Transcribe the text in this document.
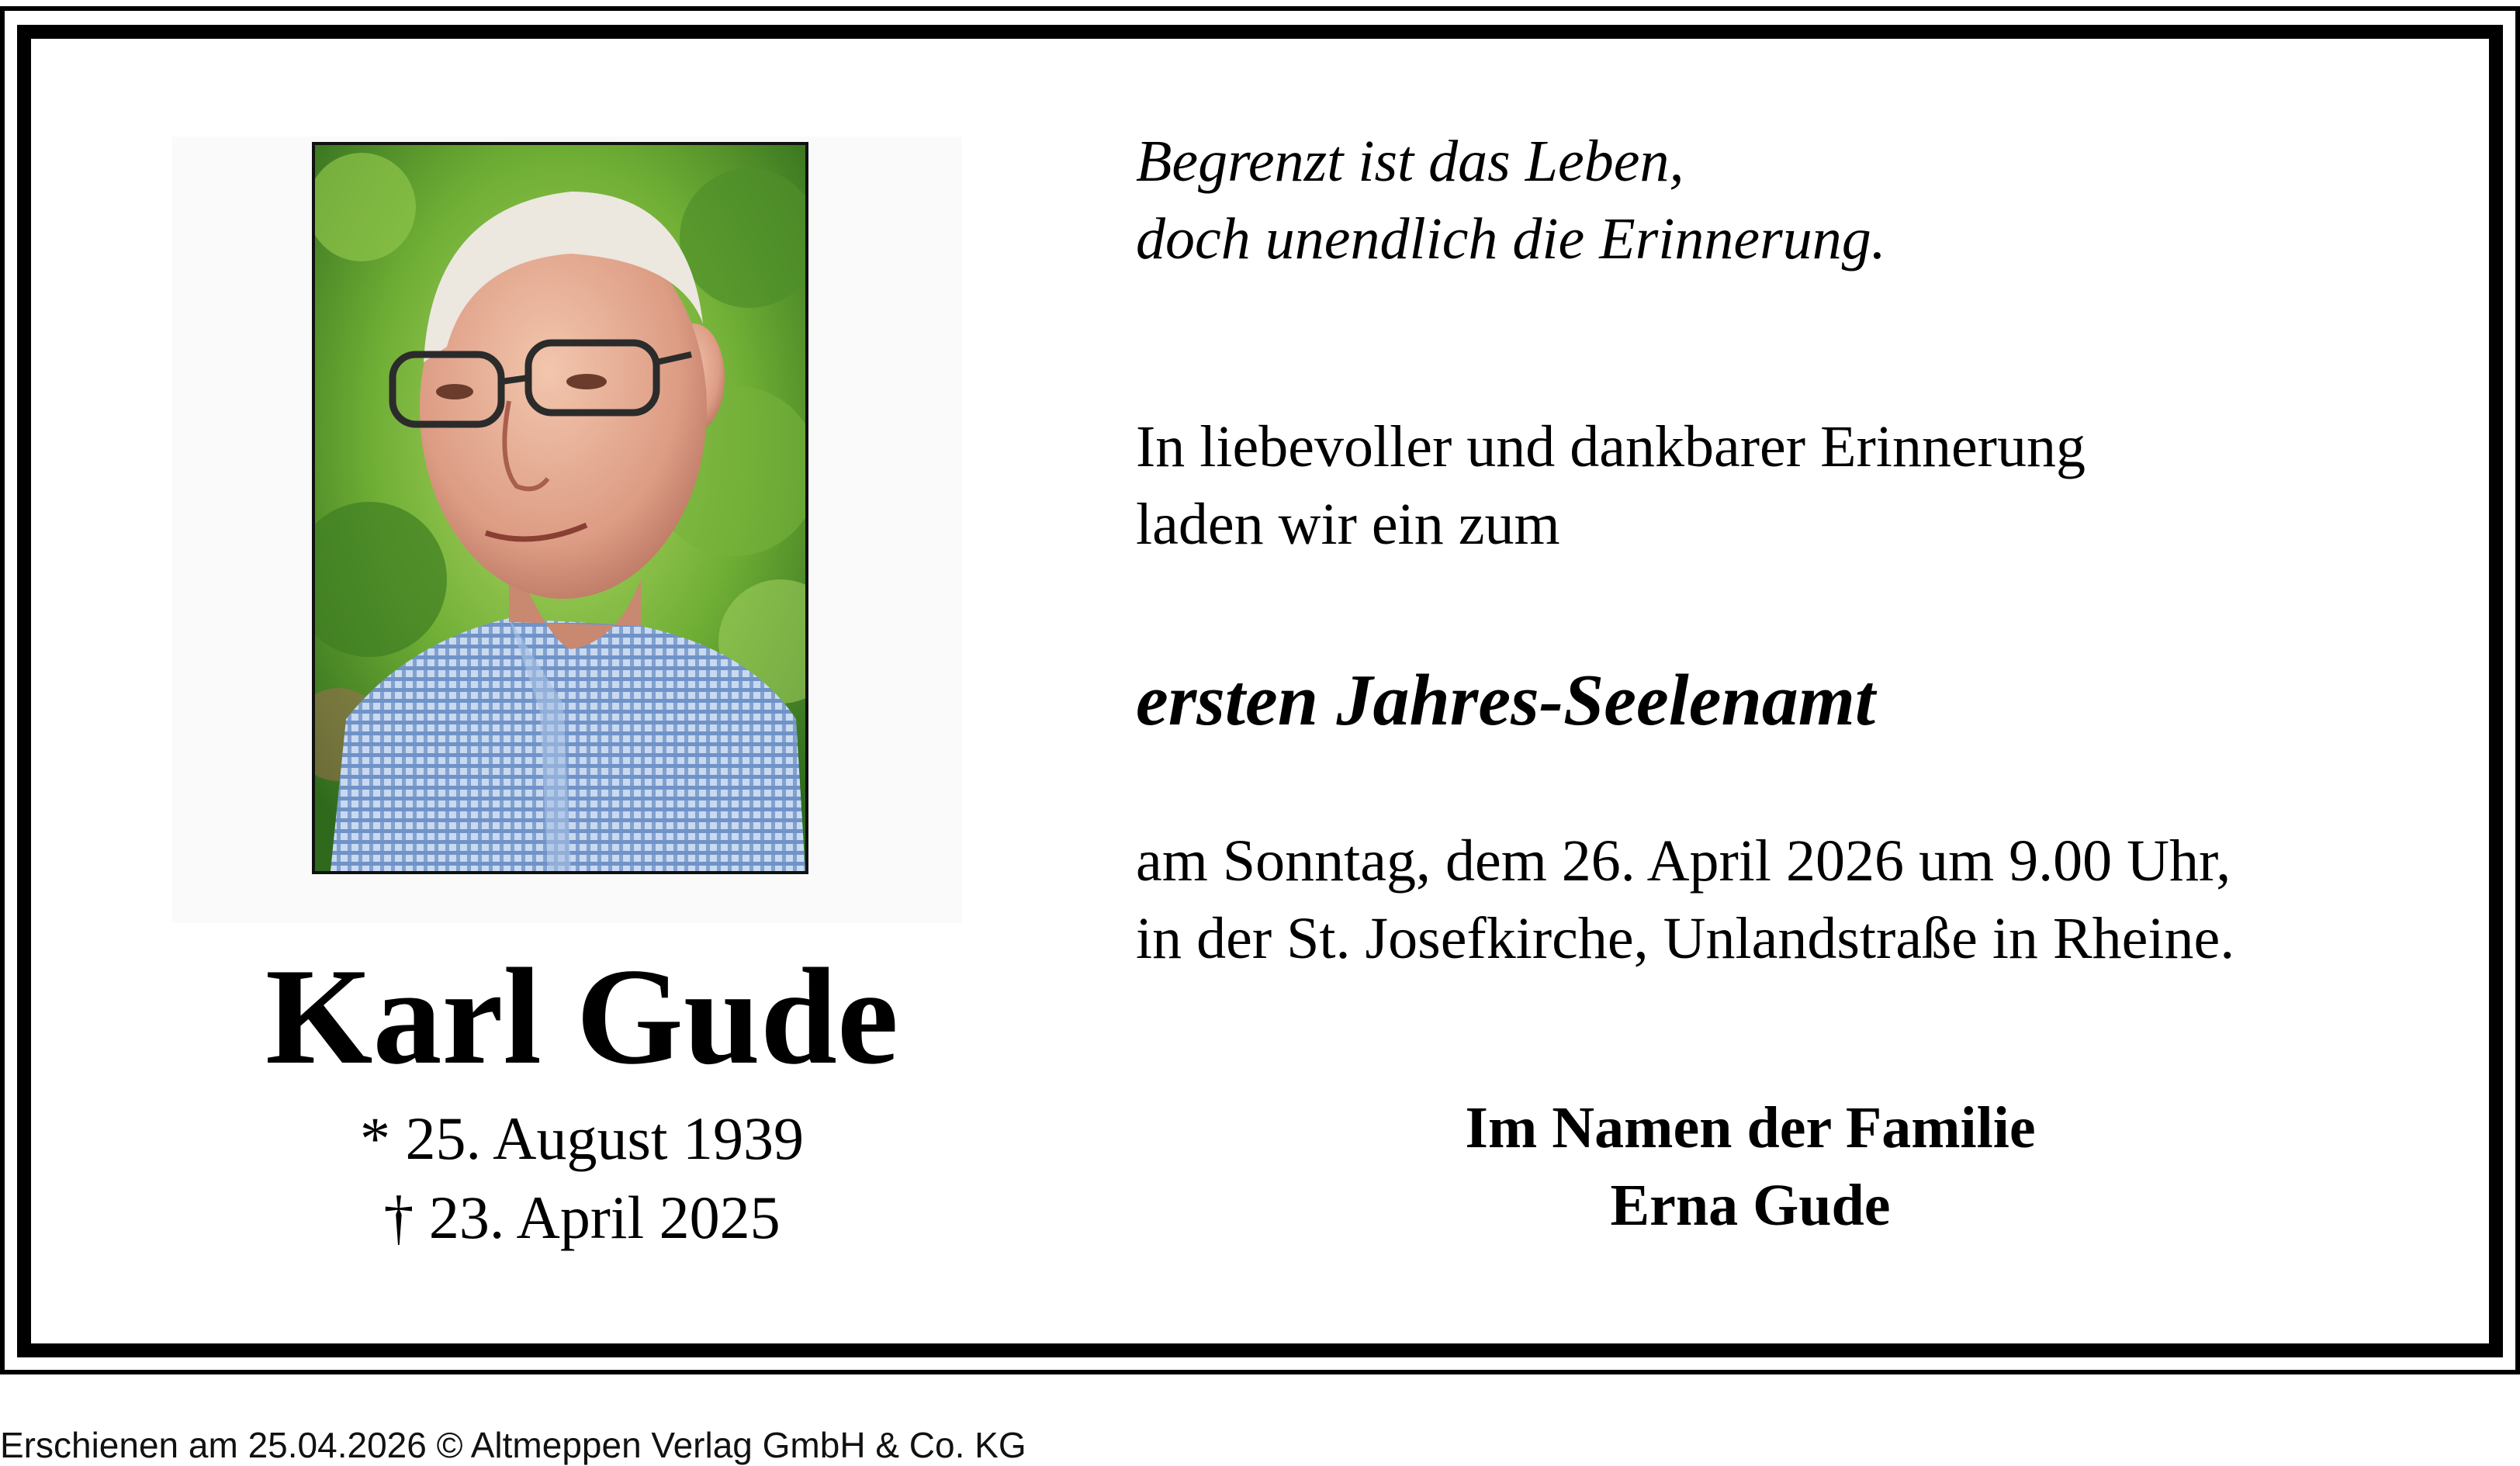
Karl Gude
* 25. August 1939
† 23. April 2025
Begrenzt ist das Leben,
doch unendlich die Erinnerung.
In liebevoller und dankbarer Erinnerung
laden wir ein zum
ersten Jahres-Seelenamt
am Sonntag, dem 26. April 2026 um 9.00 Uhr,
in der St. Josefkirche, Unlandstraße in Rheine.
Im Namen der Familie
Erna Gude
Erschienen am 25.04.2026 © Altmeppen Verlag GmbH & Co. KG
